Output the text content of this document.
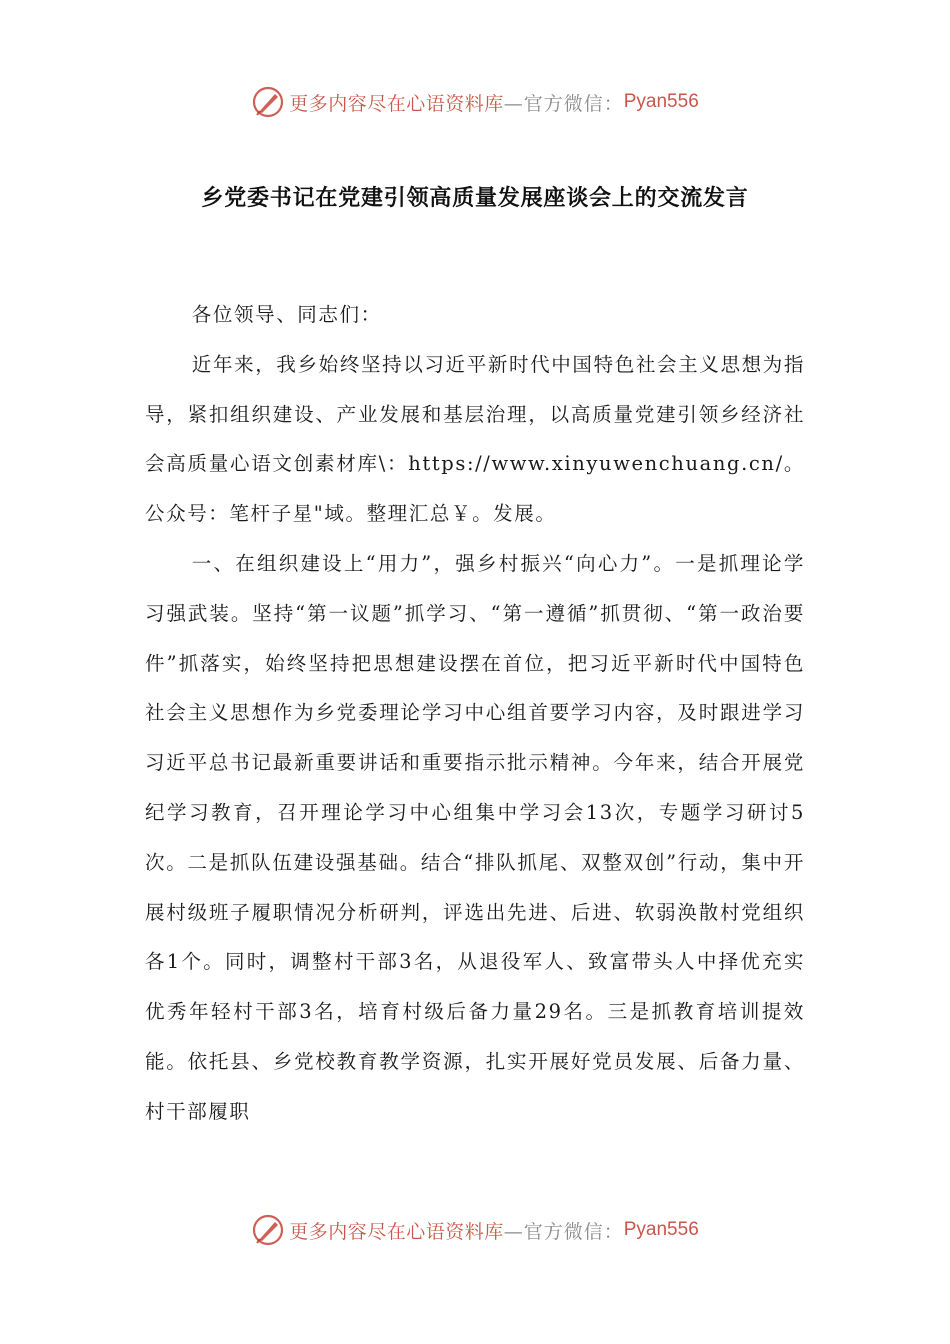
更多内容尽在心语资料库 —官方微信： Pyan556
乡党委书记在党建引领高质量发展座谈会上的交流发言

各位领导、同志们：

近年来，我乡始终坚持以习近平新时代中国特色社会主义思想为指导，紧扣组织建设、产业发展和基层治理，以高质量党建引领乡经济社会高质量心语文创素材库\：https://www.xinyuwenchuang.cn/。公众号：笔杆子星"域。整理汇总￥。发展。

一、在组织建设上“用力”，强乡村振兴“向心力”。一是抓理论学习强武装。坚持“第一议题”抓学习、“第一遵循”抓贯彻、“第一政治要件”抓落实，始终坚持把思想建设摆在首位，把习近平新时代中国特色社会主义思想作为乡党委理论学习中心组首要学习内容，及时跟进学习习近平总书记最新重要讲话和重要指示批示精神。今年来，结合开展党纪学习教育，召开理论学习中心组集中学习会13次，专题学习研讨5次。二是抓队伍建设强基础。结合“排队抓尾、双整双创”行动，集中开展村级班子履职情况分析研判，评选出先进、后进、软弱涣散村党组织各1个。同时，调整村干部3名，从退役军人、致富带头人中择优充实优秀年轻村干部3名，培育村级后备力量29名。三是抓教育培训提效能。依托县、乡党校教育教学资源，扎实开展好党员发展、后备力量、村干部履职

更多内容尽在心语资料库 —官方微信： Pyan556
